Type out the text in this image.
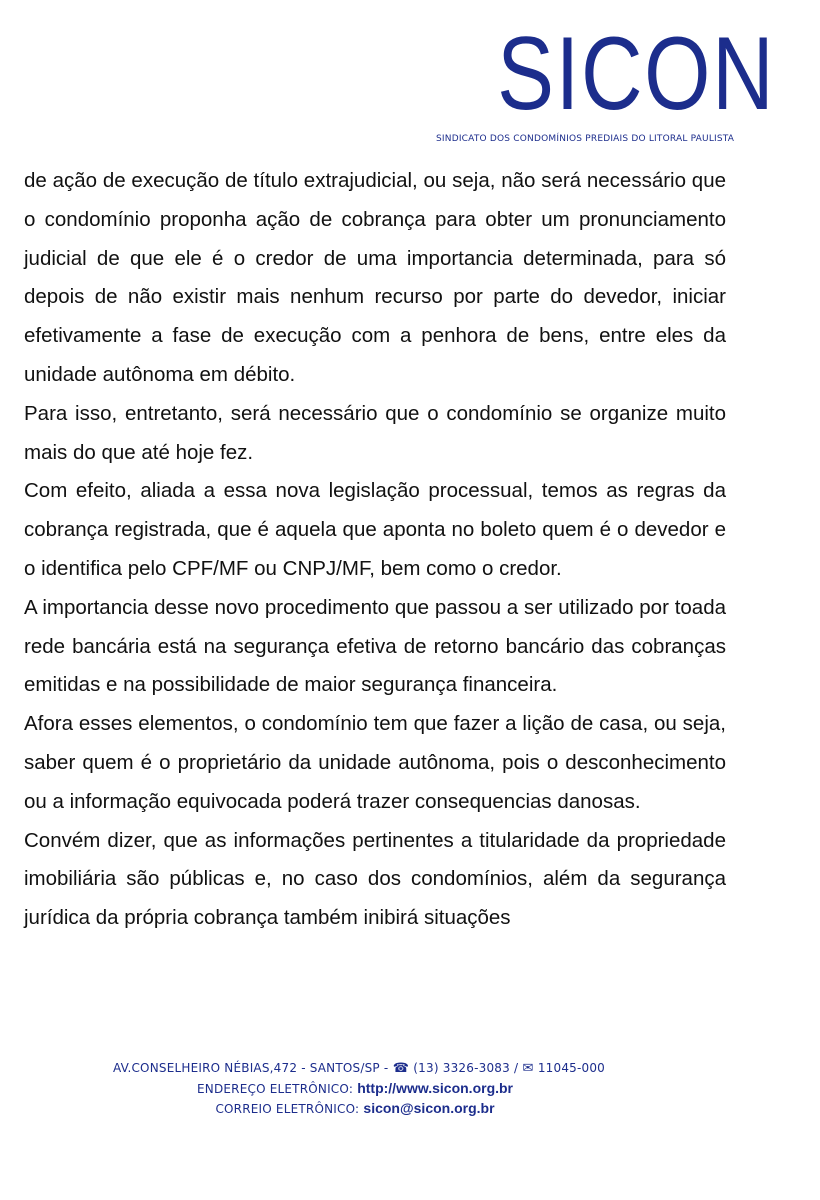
SICON
SINDICATO DOS CONDOMÍNIOS PREDIAIS DO LITORAL PAULISTA

de ação de execução de título extrajudicial, ou seja, não será necessário que o condomínio proponha ação de cobrança para obter um pronunciamento judicial de que ele é o credor de uma importancia determinada, para só depois de não existir mais nenhum recurso por parte do devedor, iniciar efetivamente a fase de execução com a penhora de bens, entre eles da unidade autônoma em débito.

Para isso, entretanto, será necessário que o condomínio se organize muito mais do que até hoje fez.

Com efeito, aliada a essa nova legislação processual, temos as regras da cobrança registrada, que é aquela que aponta no boleto quem é o devedor e o identifica pelo CPF/MF ou CNPJ/MF, bem como o credor.

A importancia desse novo procedimento que passou a ser utilizado por toada rede bancária está na segurança efetiva de retorno bancário das cobranças emitidas e na possibilidade de maior segurança financeira.

Afora esses elementos, o condomínio tem que fazer a lição de casa, ou seja, saber quem é o proprietário da unidade autônoma, pois o desconhecimento ou a informação equivocada poderá trazer consequencias danosas.

Convém dizer, que as informações pertinentes a titularidade da propriedade imobiliária são públicas e, no caso dos condomínios, além da segurança jurídica da própria cobrança também inibirá situações

AV.CONSELHEIRO NÉBIAS,472 - SANTOS/SP - ☎ (13) 3326-3083 / ✉ 11045-000
ENDEREÇO ELETRÔNICO: http://www.sicon.org.br
CORREIO ELETRÔNICO: sicon@sicon.org.br
